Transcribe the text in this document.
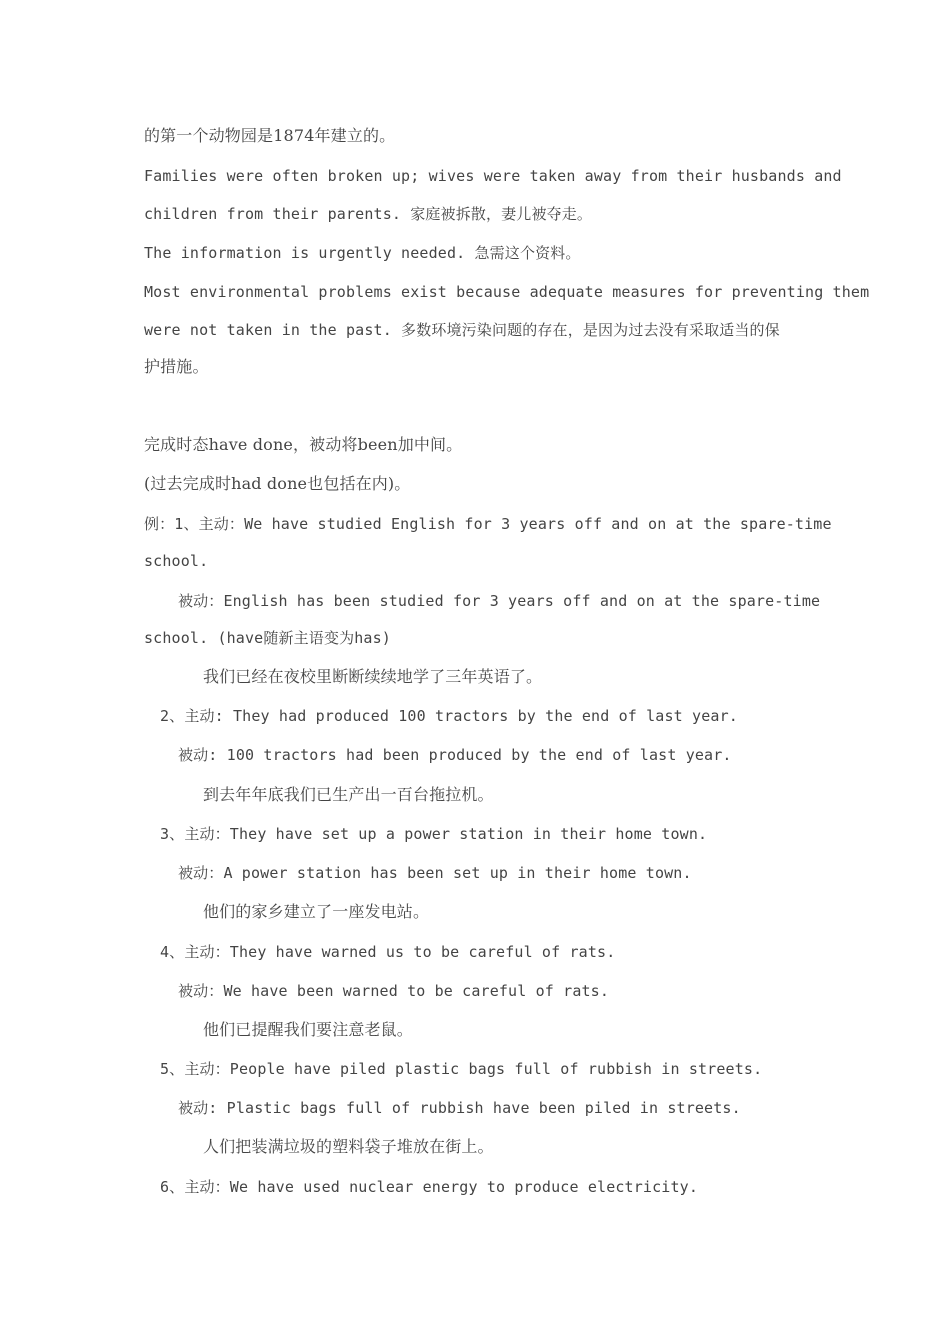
的第一个动物园是1874年建立的。
Families were often broken up; wives were taken away from their husbands and
children from their parents. 家庭被拆散，妻儿被夺走。
The information is urgently needed. 急需这个资料。
Most environmental problems exist because adequate measures for preventing them
were not taken in the past. 多数环境污染问题的存在，是因为过去没有采取适当的保
护措施。
完成时态have done，被动将been加中间。
(过去完成时had done也包括在内)。
例：1、主动：We have studied English for 3 years off and on at the spare-time
school.
被动：English has been studied for 3 years off and on at the spare-time
school. (have随新主语变为has)
我们已经在夜校里断断续续地学了三年英语了。
2、主动: They had produced 100 tractors by the end of last year.
被动: 100 tractors had been produced by the end of last year.
到去年年底我们已生产出一百台拖拉机。
3、主动：They have set up a power station in their home town.
被动：A power station has been set up in their home town.
他们的家乡建立了一座发电站。
4、主动：They have warned us to be careful of rats.
被动：We have been warned to be careful of rats.
他们已提醒我们要注意老鼠。
5、主动：People have piled plastic bags full of rubbish in streets.
被动: Plastic bags full of rubbish have been piled in streets.
人们把装满垃圾的塑料袋子堆放在街上。
6、主动：We have used nuclear energy to produce electricity.
